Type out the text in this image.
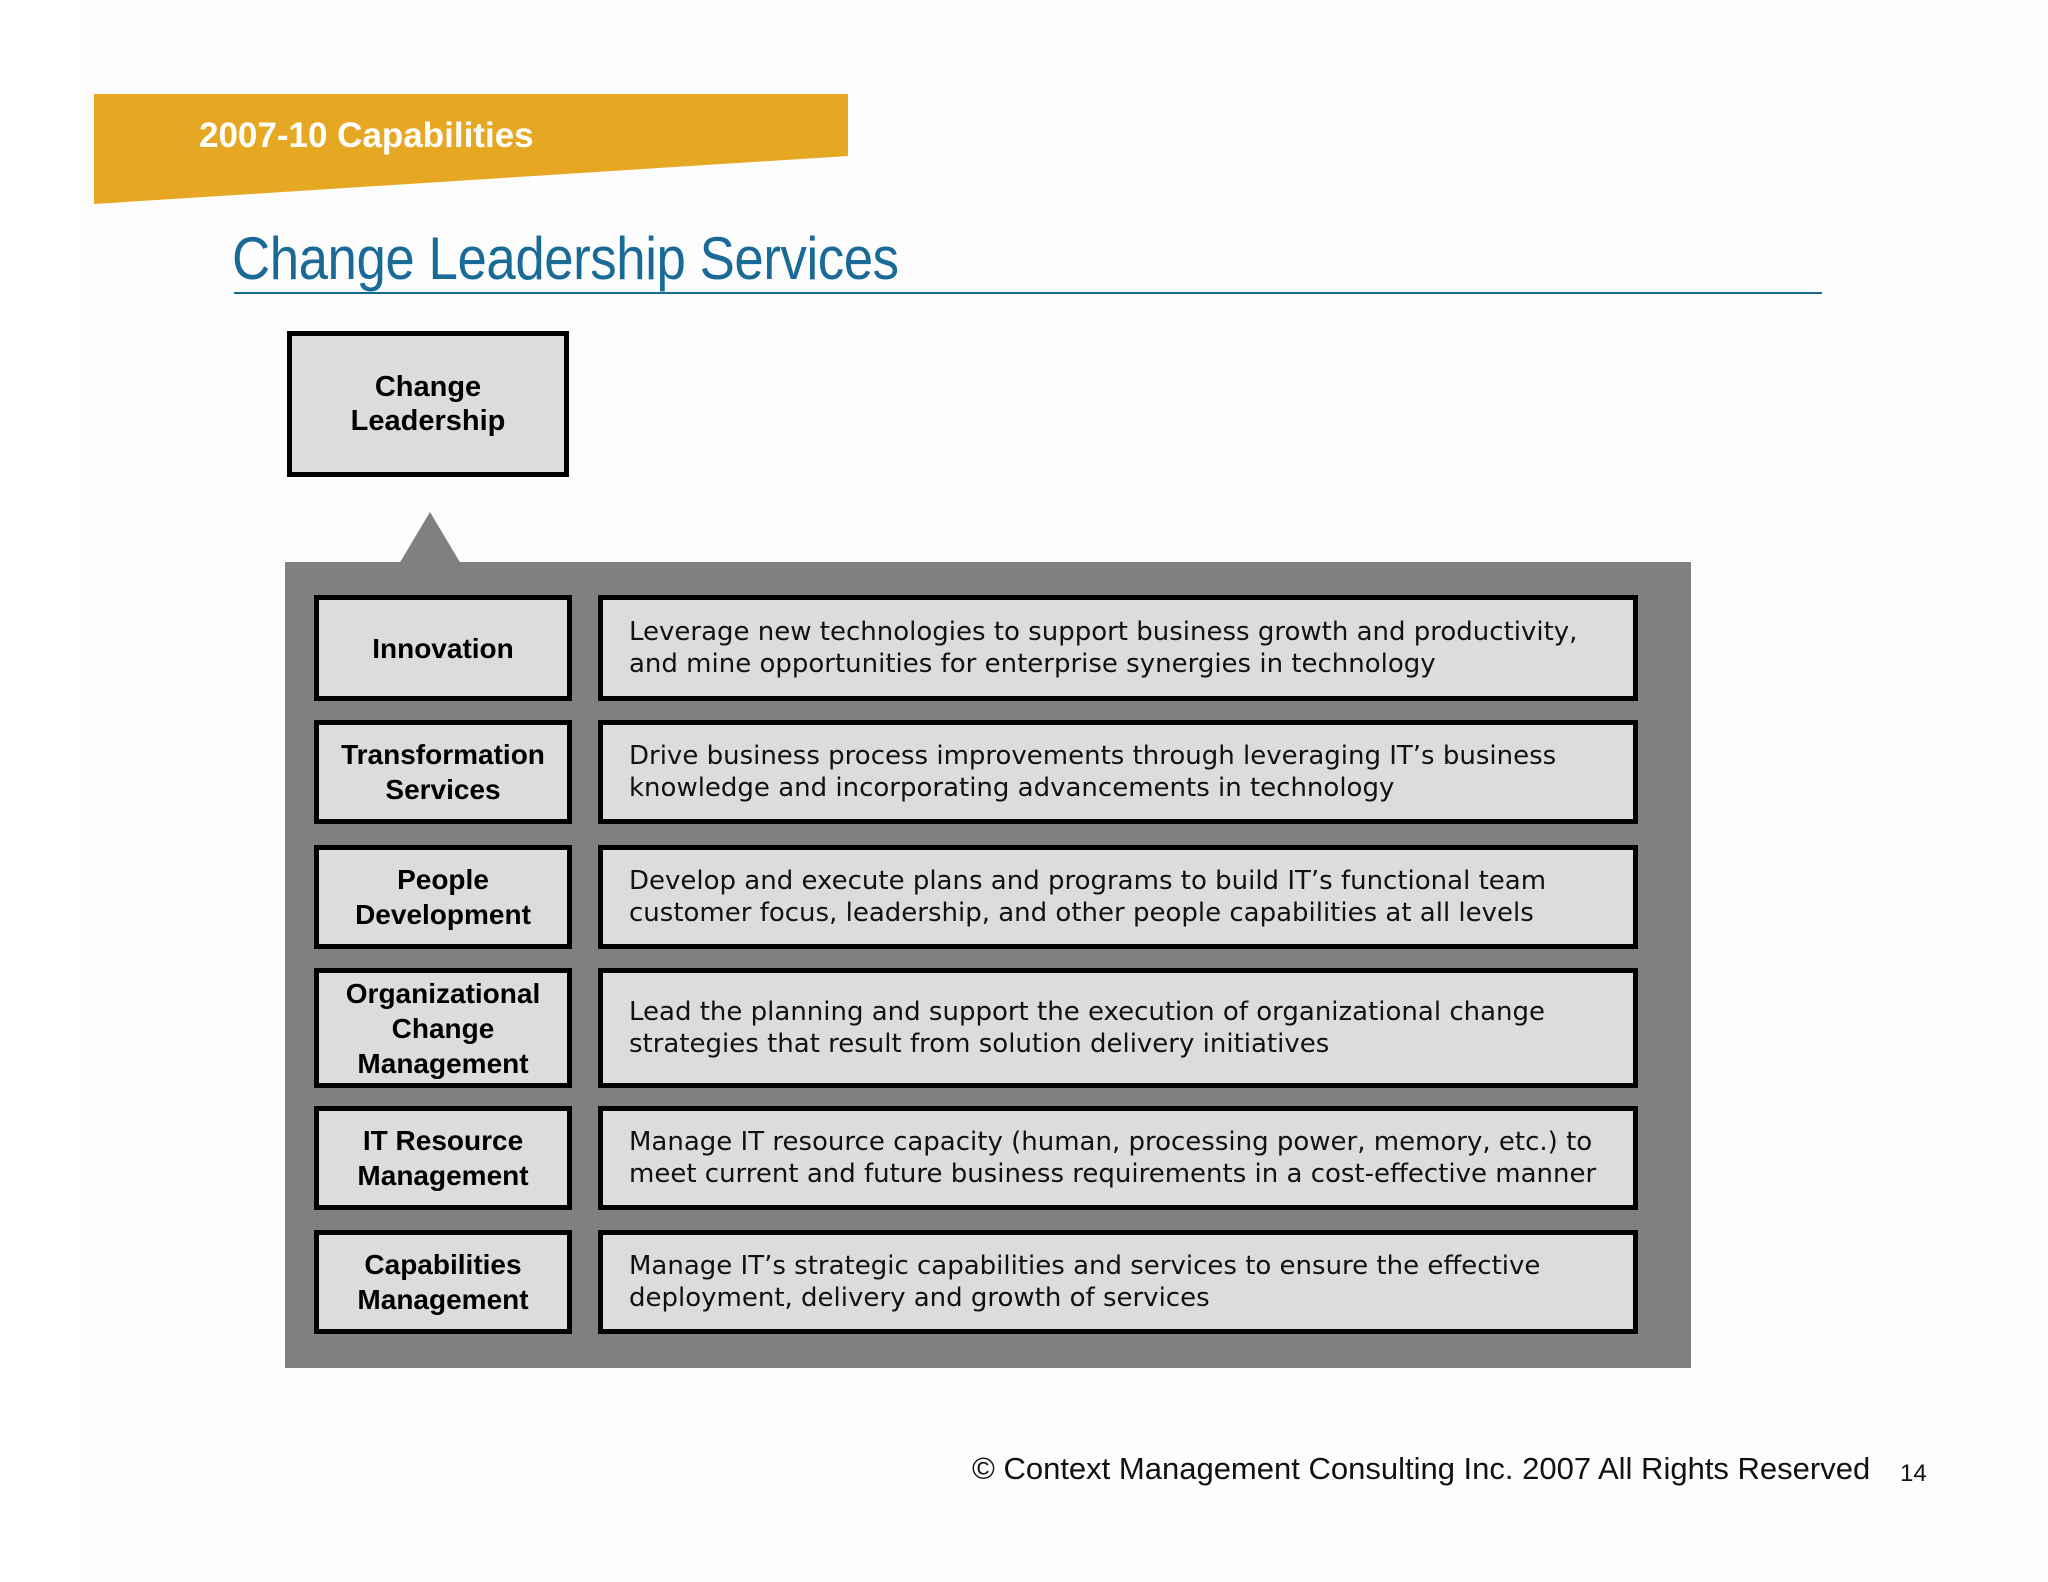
2007-10 Capabilities
Change Leadership Services
Change
Leadership
Innovation
Leverage new technologies to support business growth and productivity,
and mine opportunities for enterprise synergies in technology
Transformation
Services
Drive business process improvements through leveraging IT’s business
knowledge and incorporating advancements in technology
People
Development
Develop and execute plans and programs to build IT’s functional team
customer focus, leadership, and other people capabilities at all levels
Organizational
Change
Management
Lead the planning and support the execution of organizational change
strategies that result from solution delivery initiatives
IT Resource
Management
Manage IT resource capacity (human, processing power, memory, etc.) to
meet current and future business requirements in a cost-effective manner
Capabilities
Management
Manage IT’s strategic capabilities and services to ensure the effective
deployment, delivery and growth of services
© Context Management Consulting Inc. 2007 All Rights Reserved 14
